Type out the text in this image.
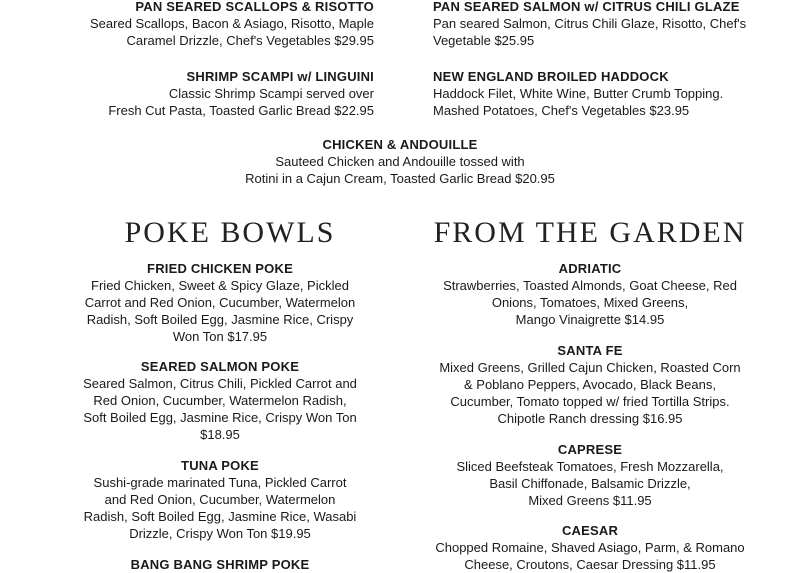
PAN SEARED SCALLOPS & RISOTTO
Seared Scallops, Bacon & Asiago, Risotto, Maple
Caramel Drizzle, Chef's Vegetables $29.95
PAN SEARED SALMON w/ CITRUS CHILI GLAZE
Pan seared Salmon, Citrus Chili Glaze, Risotto, Chef's
Vegetable $25.95
SHRIMP SCAMPI w/ LINGUINI
Classic Shrimp Scampi served over
Fresh Cut Pasta, Toasted Garlic Bread $22.95
NEW ENGLAND BROILED HADDOCK
Haddock Filet, White Wine, Butter Crumb Topping.
Mashed Potatoes, Chef's Vegetables $23.95
CHICKEN & ANDOUILLE
Sauteed Chicken and Andouille tossed with
Rotini in a Cajun Cream, Toasted Garlic Bread $20.95
POKE BOWLS	FROM THE GARDEN
FRIED CHICKEN POKE
Fried Chicken, Sweet & Spicy Glaze, Pickled
Carrot and Red Onion, Cucumber, Watermelon
Radish, Soft Boiled Egg, Jasmine Rice, Crispy
Won Ton $17.95
SEARED SALMON POKE
Seared Salmon, Citrus Chili, Pickled Carrot and
Red Onion, Cucumber, Watermelon Radish,
Soft Boiled Egg, Jasmine Rice, Crispy Won Ton
$18.95
TUNA POKE
Sushi-grade marinated Tuna, Pickled Carrot
and Red Onion, Cucumber, Watermelon
Radish, Soft Boiled Egg, Jasmine Rice, Wasabi
Drizzle, Crispy Won Ton $19.95
BANG BANG SHRIMP POKE
ADRIATIC
Strawberries, Toasted Almonds, Goat Cheese, Red
Onions, Tomatoes, Mixed Greens,
Mango Vinaigrette $14.95
SANTA FE
Mixed Greens, Grilled Cajun Chicken, Roasted Corn
& Poblano Peppers, Avocado, Black Beans,
Cucumber, Tomato topped w/ fried Tortilla Strips.
Chipotle Ranch dressing $16.95
CAPRESE
Sliced Beefsteak Tomatoes, Fresh Mozzarella,
Basil Chiffonade, Balsamic Drizzle,
Mixed Greens $11.95
CAESAR
Chopped Romaine, Shaved Asiago, Parm, & Romano
Cheese, Croutons, Caesar Dressing $11.95
